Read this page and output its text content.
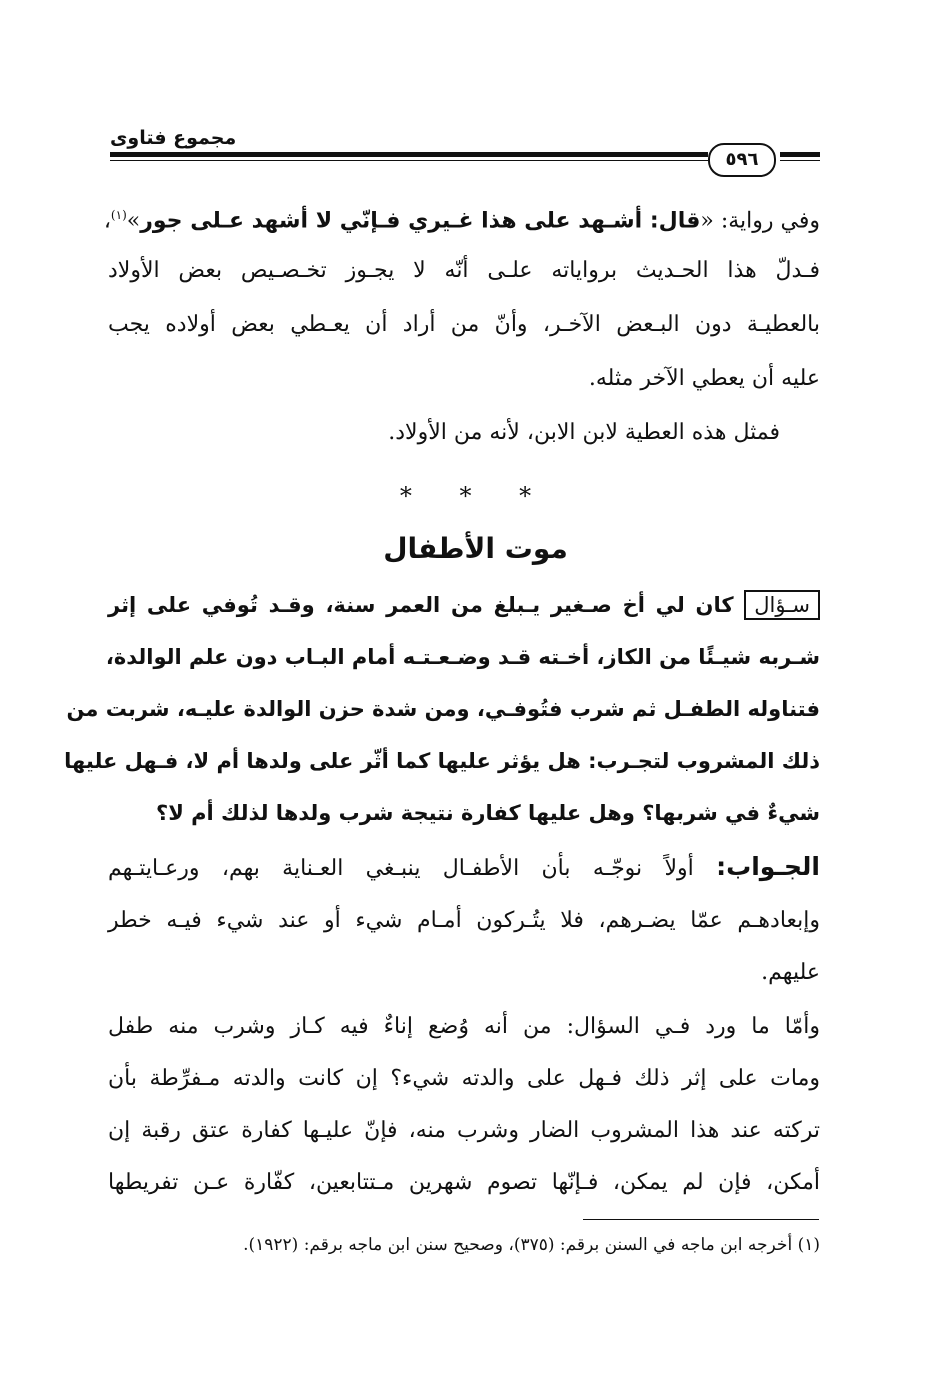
مجموع فتاوى
٥٩٦
وفي رواية: «قال: أشـهد على هذا غـيري فـإنّي لا أشهد عـلى جور»$^{(١)}$،
فـدلّ هذا الحـديث برواياته علـى أنّه لا يجـوز تخـصـيص بعض الأولاد
بالعطيـة دون البـعض الآخـر، وأنّ من أراد أن يعـطي بعض أولاده يجب
عليه أن يعطي الآخر مثله.
فمثل هذه العطية لابن الابن، لأنه من الأولاد.
* * *
موت الأطفال
سـؤال كان لي أخ صـغير يـبلغ من العمر سنة، وقـد تُوفي على إثر
شـربه شيـئًا من الكاز، أخـته قـد وضـعـتـه أمام البـاب دون علم الوالدة،
فتناوله الطفـل ثم شرب فتُوفـي، ومن شدة حزن الوالدة عليـه، شربت من
ذلك المشروب لتجـرب: هل يؤثر عليها كما أثّر على ولدها أم لا، فـهل عليها
شيءٌ في شربها؟ وهل عليها كفارة نتيجة شرب ولدها لذلك أم لا؟
الجـواب: أولاً نوجّـه بأن الأطفـال ينبـغي العـناية بهم، ورعـايتـهم
وإبعادهـم عمّا يضـرهم، فلا يتُـركون أمـام شيء أو عند شيء فيـه خطر
عليهم.
وأمّا ما ورد فـي السؤال: من أنه وُضع إناءٌ فيه كـاز وشرب منه طفل
ومات على إثر ذلك فـهل على والدته شيء؟ إن كانت والدته مـفرِّطة بأن
تركته عند هذا المشروب الضار وشرب منه، فإنّ عليـها كفارة عتق رقبة إن
أمكن، فإن لم يمكن، فـإنّها تصوم شهرين مـتتابعين، كفّارة عـن تفريطها
(١) أخرجه ابن ماجه في السنن برقم: (٣٧٥)، وصحيح سنن ابن ماجه برقم: (١٩٢٢).
